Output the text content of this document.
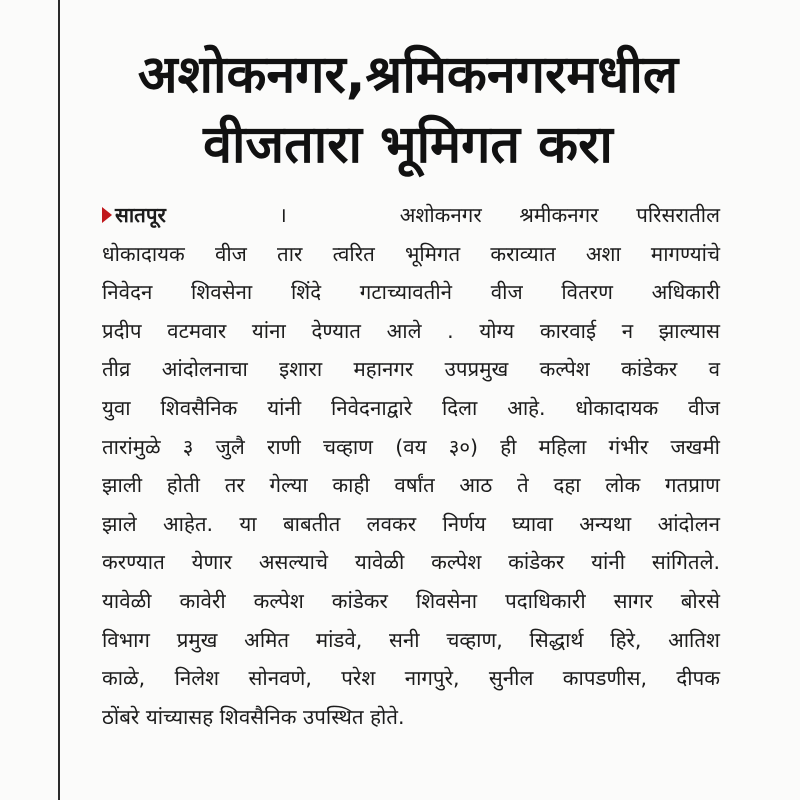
अशोकनगर,श्रमिकनगरमधील
वीजतारा भूमिगत करा
सातपूर	।	अशोकनगर श्रमीकनगर परिसरातील
धोकादायक वीज तार त्वरित भूमिगत कराव्यात अशा मागण्यांचे
निवेदन शिवसेना शिंदे गटाच्यावतीने वीज वितरण अधिकारी
प्रदीप वटमवार यांना देण्यात आले . योग्य कारवाई न झाल्यास
तीव्र आंदोलनाचा इशारा महानगर उपप्रमुख कल्पेश कांडेकर व
युवा शिवसैनिक यांनी निवेदनाद्वारे दिला आहे. धोकादायक वीज
तारांमुळे ३ जुलै राणी चव्हाण (वय ३०) ही महिला गंभीर जखमी
झाली होती तर गेल्या काही वर्षांत आठ ते दहा लोक गतप्राण
झाले आहेत. या बाबतीत लवकर निर्णय घ्यावा अन्यथा आंदोलन
करण्यात येणार असल्याचे यावेळी कल्पेश कांडेकर यांनी सांगितले.
यावेळी कावेरी कल्पेश कांडेकर शिवसेना पदाधिकारी सागर बोरसे
विभाग प्रमुख अमित मांडवे, सनी चव्हाण, सिद्धार्थ हिरे, आतिश
काळे, निलेश सोनवणे, परेश नागपुरे, सुनील कापडणीस, दीपक
ठोंबरे यांच्यासह शिवसैनिक उपस्थित होते.
